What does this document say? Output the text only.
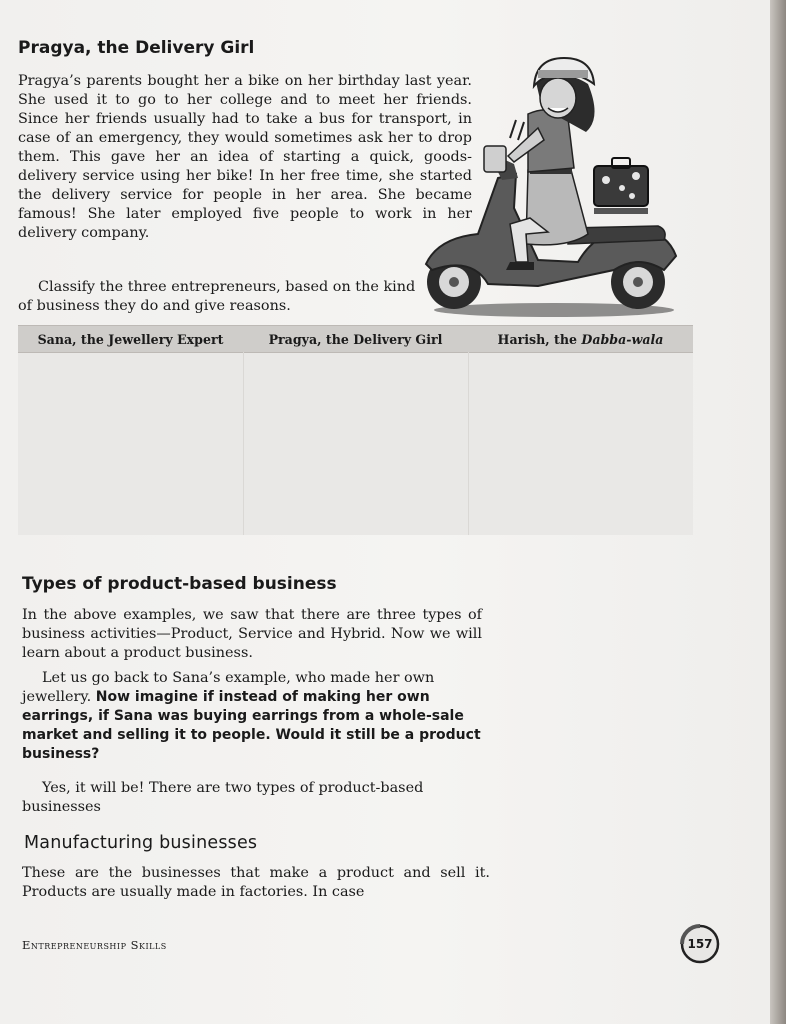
Pragya, the Delivery Girl

Pragya’s parents bought her a bike on her birthday last year. She used it to go to her college and to meet her friends. Since her friends usually had to take a bus for transport, in case of an emergency, they would sometimes ask her to drop them. This gave her an idea of starting a quick, goods-delivery service using her bike! In her free time, she started the delivery service for people in her area. She became famous! She later employed five people to work in her delivery company.

Classify the three entrepreneurs, based on the kind of business they do and give reasons.

Sana, the Jewellery Expert	Pragya, the Delivery Girl	Harish, the Dabba-wala
Types of product-based business

In the above examples, we saw that there are three types of business activities—Product, Service and Hybrid. Now we will learn about a product business.

Let us go back to Sana’s example, who made her own jewellery. Now imagine if instead of making her own earrings, if Sana was buying earrings from a whole-sale market and selling it to people. Would it still be a product business?

Yes, it will be! There are two types of product-based businesses

Manufacturing businesses

These are the businesses that make a product and sell it. Products are usually made in factories. In case

Entrepreneurship Skills	157
